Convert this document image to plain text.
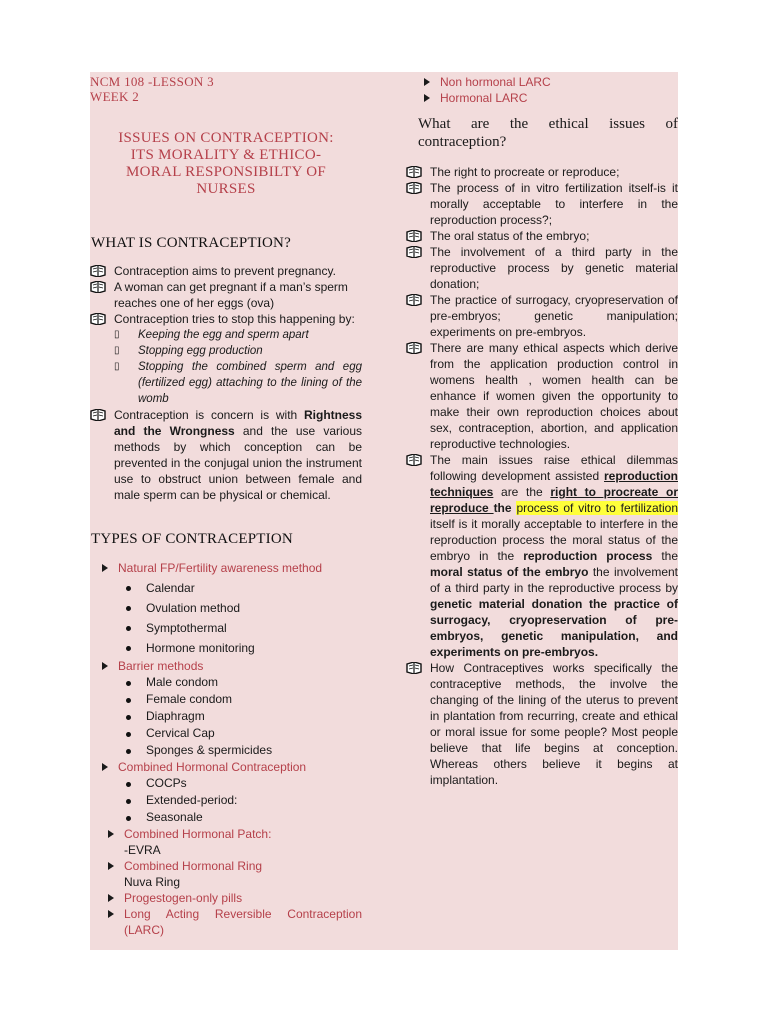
NCM 108 -LESSON 3
WEEK 2
ISSUES ON CONTRACEPTION:
ITS MORALITY & ETHICO-
MORAL RESPONSIBILTY OF
NURSES
WHAT IS CONTRACEPTION?
Contraception aims to prevent pregnancy.
A woman can get pregnant if a man’s sperm reaches one of her eggs (ova)
Contraception tries to stop this happening by:
▯ Keeping the egg and sperm apart
▯ Stopping egg production
▯ Stopping the combined sperm and egg (fertilized egg) attaching to the lining of the womb
Contraception is concern is with Rightness and the Wrongness and the use various methods by which conception can be prevented in the conjugal union the instrument use to obstruct union between female and male sperm can be physical or chemical.
TYPES OF CONTRACEPTION
Natural FP/Fertility awareness method
Calendar
Ovulation method
Symptothermal
Hormone monitoring
Barrier methods
Male condom
Female condom
Diaphragm
Cervical Cap
Sponges & spermicides
Combined Hormonal Contraception
COCPs
Extended-period:
Seasonale
Combined Hormonal Patch:
-EVRA
Combined Hormonal Ring
Nuva Ring
Progestogen-only pills
Long Acting Reversible Contraception (LARC)
Non hormonal LARC
Hormonal LARC
What are the ethical issues of contraception?
The right to procreate or reproduce;
The process of in vitro fertilization itself-is it morally acceptable to interfere in the reproduction process?;
The oral status of the embryo;
The involvement of a third party in the reproductive process by genetic material donation;
The practice of surrogacy, cryopreservation of pre-embryos; genetic manipulation; experiments on pre-embryos.
There are many ethical aspects which derive from the application production control in womens health , women health can be enhance if women given the opportunity to make their own reproduction choices about sex, contraception, abortion, and application reproductive technologies.
The main issues raise ethical dilemmas following development assisted reproduction techniques are the right to procreate or reproduce the process of vitro to fertilization itself is it morally acceptable to interfere in the reproduction process the moral status of the embryo in the reproduction process the moral status of the embryo the involvement of a third party in the reproductive process by genetic material donation the practice of surrogacy, cryopreservation of pre-embryos, genetic manipulation, and experiments on pre-embryos.
How Contraceptives works specifically the contraceptive methods, the involve the changing of the lining of the uterus to prevent in plantation from recurring, create and ethical or moral issue for some people? Most people believe that life begins at conception. Whereas others believe it begins at implantation.
